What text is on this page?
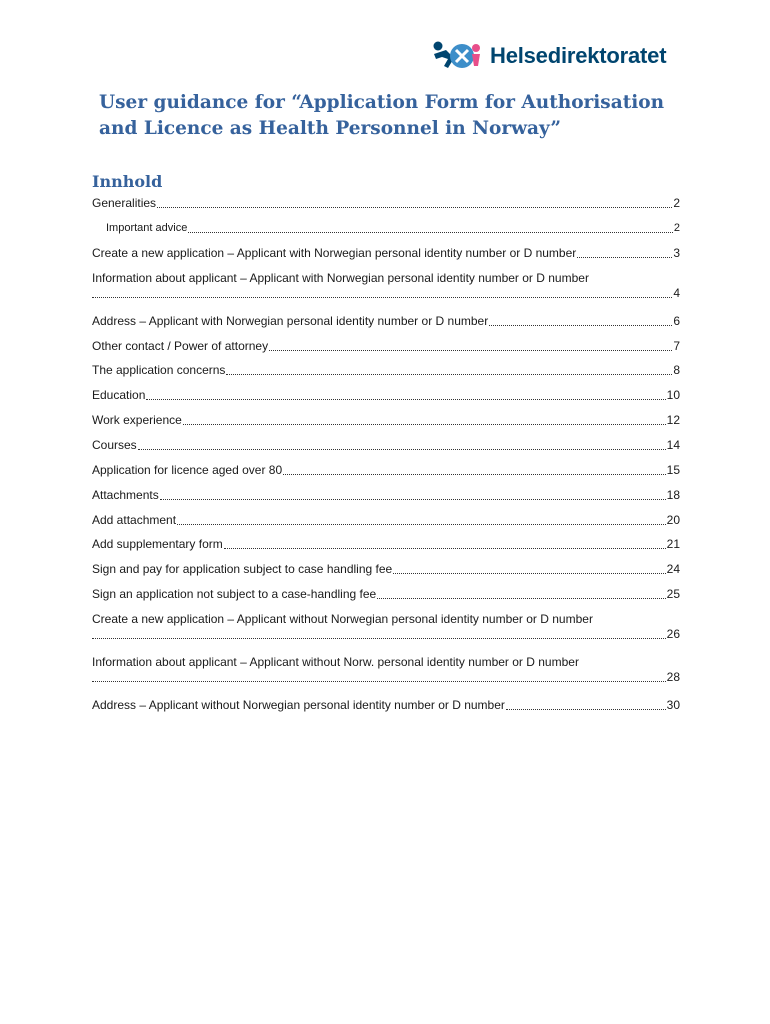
Helsedirektoratet
User guidance for “Application Form for Authorisation and Licence as Health Personnel in Norway”
Innhold
Generalities	2
Important advice	2
Create a new application – Applicant with Norwegian personal identity number or D number	3
Information about applicant – Applicant with Norwegian personal identity number or D number
4
Address – Applicant with Norwegian personal identity number or D number	6
Other contact / Power of attorney	7
The application concerns	8
Education	10
Work experience	12
Courses	14
Application for licence aged over 80	15
Attachments	18
Add attachment	20
Add supplementary form	21
Sign and pay for application subject to case handling fee	24
Sign an application not subject to a case-handling fee	25
Create a new application – Applicant without Norwegian personal identity number or D number
26
Information about applicant – Applicant without Norw. personal identity number or D number
28
Address – Applicant without Norwegian personal identity number or D number	30
